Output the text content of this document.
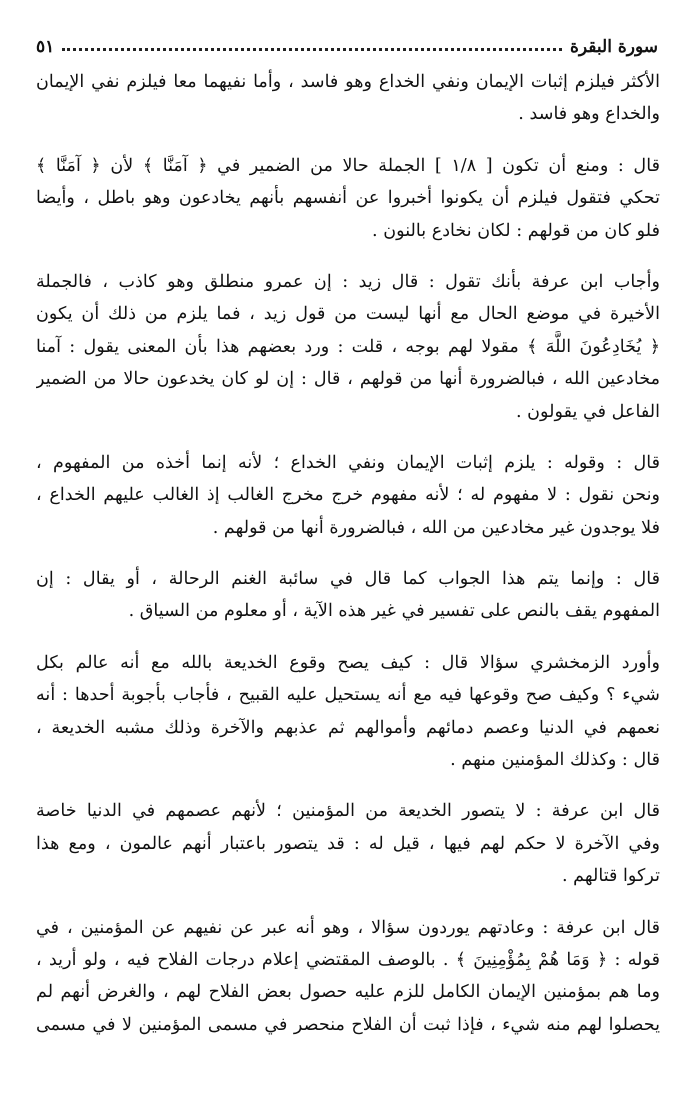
سورة البقرة
٥١
الأكثر فيلزم إثبات الإيمان ونفي الخداع وهو فاسد ، وأما نفيهما معا فيلزم نفي الإيمان
والخداع وهو فاسد .
قال : ومنع أن تكون [ ١/٨ ] الجملة حالا من الضمير في ﴿ آمَنَّا ﴾ لأن ﴿ آمَنَّا ﴾
تحكي فتقول فيلزم أن يكونوا أخبروا عن أنفسهم بأنهم يخادعون وهو باطل ، وأيضا
فلو كان من قولهم : لكان نخادع بالنون .
وأجاب ابن عرفة بأنك تقول : قال زيد : إن عمرو منطلق وهو كاذب ، فالجملة
الأخيرة في موضع الحال مع أنها ليست من قول زيد ، فما يلزم من ذلك أن يكون
﴿ يُخَادِعُونَ اللَّهَ ﴾ مقولا لهم بوجه ، قلت : ورد بعضهم هذا بأن المعنى يقول : آمنا
مخادعين الله ، فبالضرورة أنها من قولهم ، قال : إن لو كان يخدعون حالا من الضمير
الفاعل في يقولون .
قال : وقوله : يلزم إثبات الإيمان ونفي الخداع ؛ لأنه إنما أخذه من المفهوم ،
ونحن نقول : لا مفهوم له ؛ لأنه مفهوم خرج مخرج الغالب إذ الغالب عليهم الخداع ،
فلا يوجدون غير مخادعين من الله ، فبالضرورة أنها من قولهم .
قال : وإنما يتم هذا الجواب كما قال في سائبة الغنم الرحالة ، أو يقال : إن
المفهوم يقف بالنص على تفسير في غير هذه الآية ، أو معلوم من السياق .
وأورد الزمخشري سؤالا قال : كيف يصح وقوع الخديعة بالله مع أنه عالم بكل
شيء ؟ وكيف صح وقوعها فيه مع أنه يستحيل عليه القبيح ، فأجاب بأجوبة أحدها : أنه
نعمهم في الدنيا وعصم دمائهم وأموالهم ثم عذبهم والآخرة وذلك مشبه الخديعة ،
قال : وكذلك المؤمنين منهم .
قال ابن عرفة : لا يتصور الخديعة من المؤمنين ؛ لأنهم عصمهم في الدنيا خاصة
وفي الآخرة لا حكم لهم فيها ، قيل له : قد يتصور باعتبار أنهم عالمون ، ومع هذا
تركوا قتالهم .
قال ابن عرفة : وعادتهم يوردون سؤالا ، وهو أنه عبر عن نفيهم عن المؤمنين ، في
قوله : ﴿ وَمَا هُمْ بِمُؤْمِنِينَ ﴾ . بالوصف المقتضي إعلام درجات الفلاح فيه ، ولو أريد ،
وما هم بمؤمنين الإيمان الكامل للزم عليه حصول بعض الفلاح لهم ، والغرض أنهم لم
يحصلوا لهم منه شيء ، فإذا ثبت أن الفلاح منحصر في مسمى المؤمنين لا في مسمى
